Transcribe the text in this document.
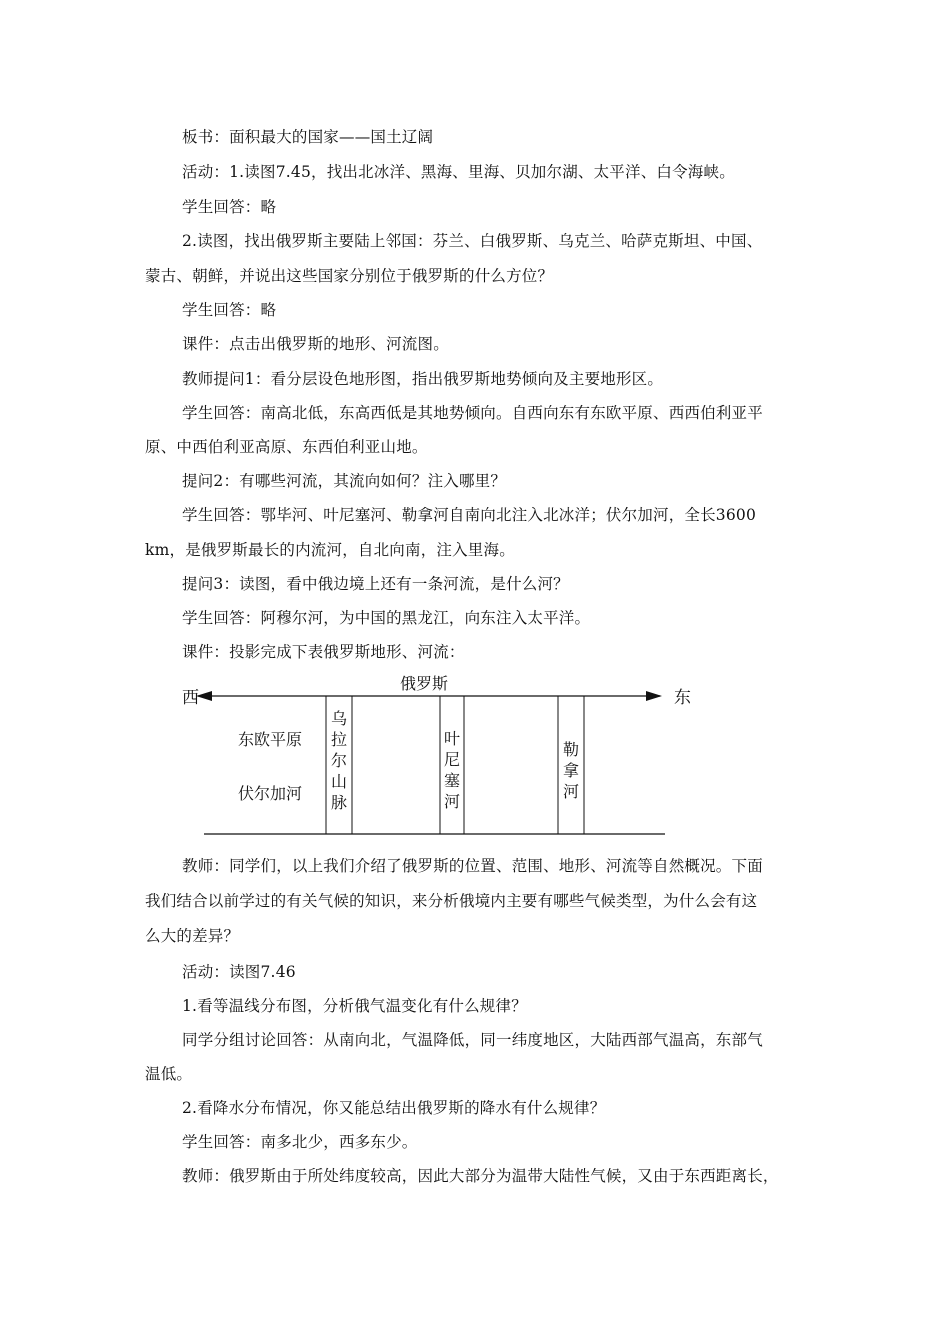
板书：面积最大的国家——国土辽阔
活动：1.读图7.45，找出北冰洋、黑海、里海、贝加尔湖、太平洋、白令海峡。
学生回答：略
2.读图，找出俄罗斯主要陆上邻国：芬兰、白俄罗斯、乌克兰、哈萨克斯坦、中国、
蒙古、朝鲜，并说出这些国家分别位于俄罗斯的什么方位？
学生回答：略
课件：点击出俄罗斯的地形、河流图。
教师提问1：看分层设色地形图，指出俄罗斯地势倾向及主要地形区。
学生回答：南高北低，东高西低是其地势倾向。自西向东有东欧平原、西西伯利亚平
原、中西伯利亚高原、东西伯利亚山地。
提问2：有哪些河流，其流向如何？注入哪里？
学生回答：鄂毕河、叶尼塞河、勒拿河自南向北注入北冰洋；伏尔加河，全长3600
km，是俄罗斯最长的内流河，自北向南，注入里海。
提问3：读图，看中俄边境上还有一条河流，是什么河？
学生回答：阿穆尔河，为中国的黑龙江，向东注入太平洋。
课件：投影完成下表俄罗斯地形、河流：
教师：同学们，以上我们介绍了俄罗斯的位置、范围、地形、河流等自然概况。下面
我们结合以前学过的有关气候的知识，来分析俄境内主要有哪些气候类型，为什么会有这
么大的差异？
活动：读图7.46
1.看等温线分布图，分析俄气温变化有什么规律？
同学分组讨论回答：从南向北，气温降低，同一纬度地区，大陆西部气温高，东部气
温低。
2.看降水分布情况，你又能总结出俄罗斯的降水有什么规律？
学生回答：南多北少，西多东少。
教师：俄罗斯由于所处纬度较高，因此大部分为温带大陆性气候，又由于东西距离长，
西	东
俄罗斯
东欧平原
伏尔加河
乌
拉
尔
山
脉
叶
尼
塞
河
勒
拿
河
